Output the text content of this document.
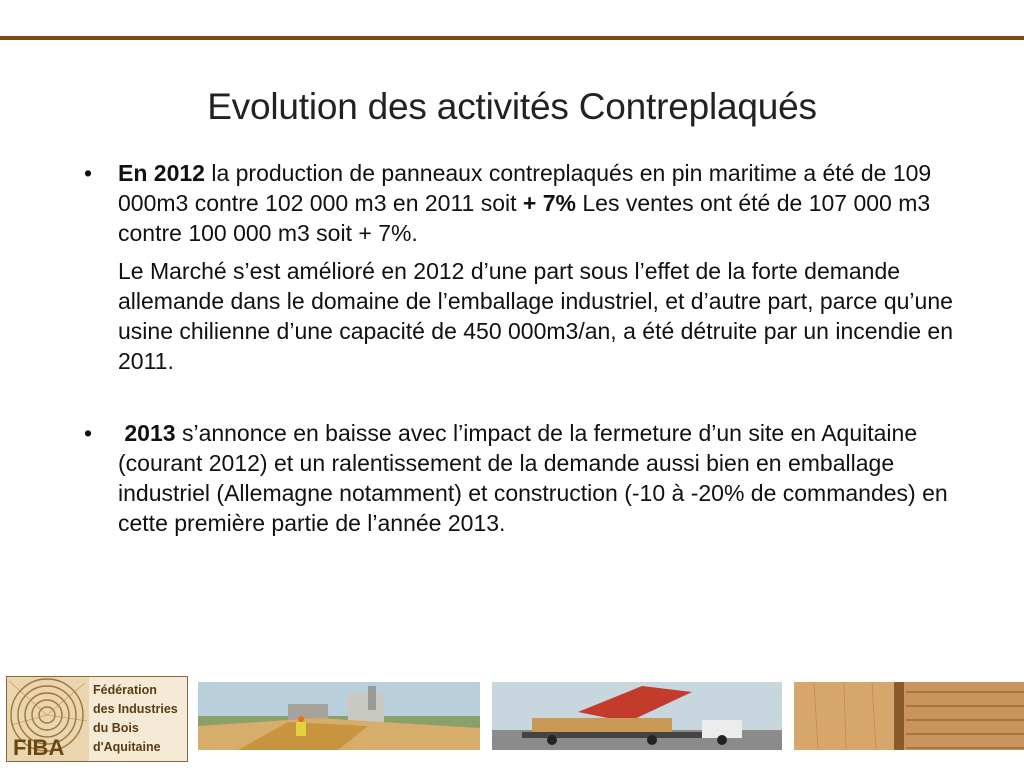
Evolution des activités Contreplaqués
• En 2012 la production de panneaux contreplaqués en pin maritime a été de 109 000m3 contre 102 000 m3 en 2011 soit + 7% Les ventes ont été de 107 000 m3 contre 100 000 m3 soit + 7%.
Le Marché s’est amélioré en 2012 d’une part sous l’effet de la forte demande allemande dans le domaine de l’emballage industriel, et d’autre part, parce qu’une usine chilienne d’une capacité de 450 000m3/an, a été détruite par un incendie en 2011.
• 2013 s’annonce en baisse avec l’impact de la fermeture d’un site en Aquitaine (courant 2012) et un ralentissement de la demande aussi bien en emballage industriel (Allemagne notamment) et construction (-10 à -20% de commandes) en cette première partie de l’année 2013.
FIBA
Fédération
des Industries
du Bois
d'Aquitaine
